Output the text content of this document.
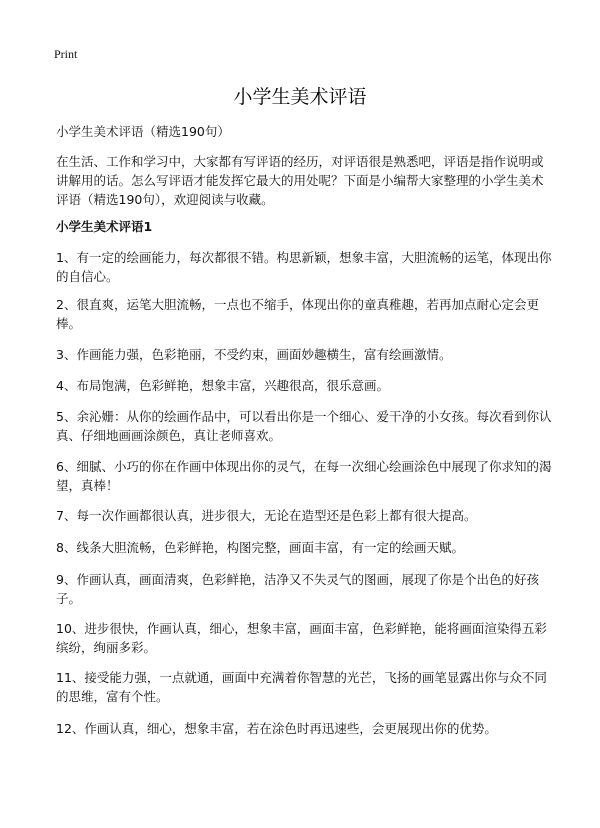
Print
小学生美术评语

小学生美术评语（精选190句）

在生活、工作和学习中，大家都有写评语的经历，对评语很是熟悉吧，评语是指作说明或讲解用的话。怎么写评语才能发挥它最大的用处呢？下面是小编帮大家整理的小学生美术评语（精选190句），欢迎阅读与收藏。

小学生美术评语1

1、有一定的绘画能力，每次都很不错。构思新颖，想象丰富，大胆流畅的运笔，体现出你的自信心。

2、很直爽，运笔大胆流畅，一点也不缩手，体现出你的童真稚趣，若再加点耐心定会更棒。

3、作画能力强，色彩艳丽，不受约束，画面妙趣横生，富有绘画激情。

4、布局饱满，色彩鲜艳，想象丰富，兴趣很高，很乐意画。

5、余沁姗：从你的绘画作品中，可以看出你是一个细心、爱干净的小女孩。每次看到你认真、仔细地画画涂颜色，真让老师喜欢。

6、细腻、小巧的你在作画中体现出你的灵气，在每一次细心绘画涂色中展现了你求知的渴望，真棒！

7、每一次作画都很认真，进步很大，无论在造型还是色彩上都有很大提高。

8、线条大胆流畅，色彩鲜艳，构图完整，画面丰富，有一定的绘画天赋。

9、作画认真，画面清爽，色彩鲜艳，洁净又不失灵气的图画，展现了你是个出色的好孩子。

10、进步很快，作画认真，细心，想象丰富，画面丰富，色彩鲜艳，能将画面渲染得五彩缤纷，绚丽多彩。

11、接受能力强，一点就通，画面中充满着你智慧的光芒，飞扬的画笔显露出你与众不同的思维，富有个性。

12、作画认真，细心，想象丰富，若在涂色时再迅速些，会更展现出你的优势。
